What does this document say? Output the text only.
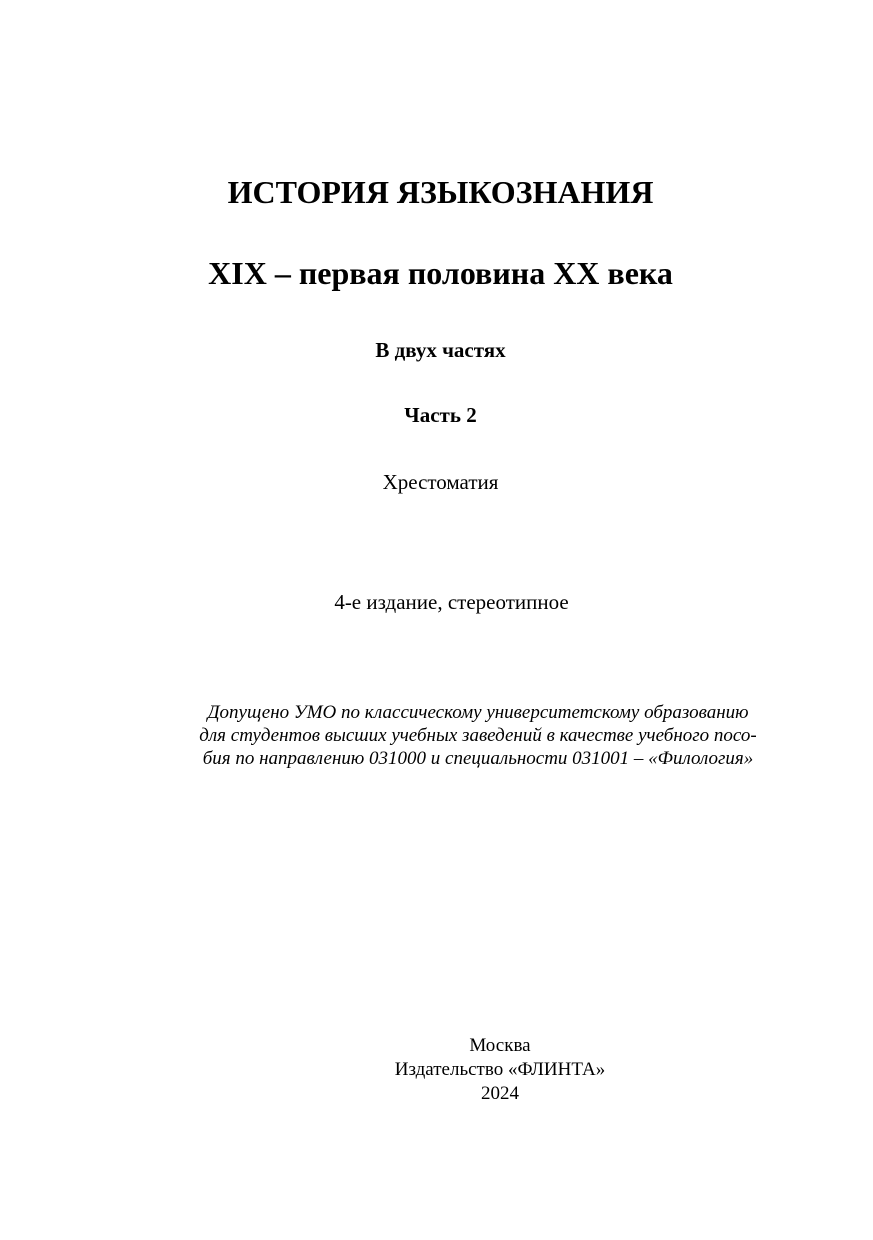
ИСТОРИЯ ЯЗЫКОЗНАНИЯ
XIX – первая половина XX века
В двух частях
Часть 2
Хрестоматия
4-е издание, стереотипное
Допущено УМО по классическому университетскому образованию
для студентов высших учебных заведений в качестве учебного посо-
бия по направлению 031000 и специальности 031001 – «Филология»
Москва
Издательство «ФЛИНТА»
2024
